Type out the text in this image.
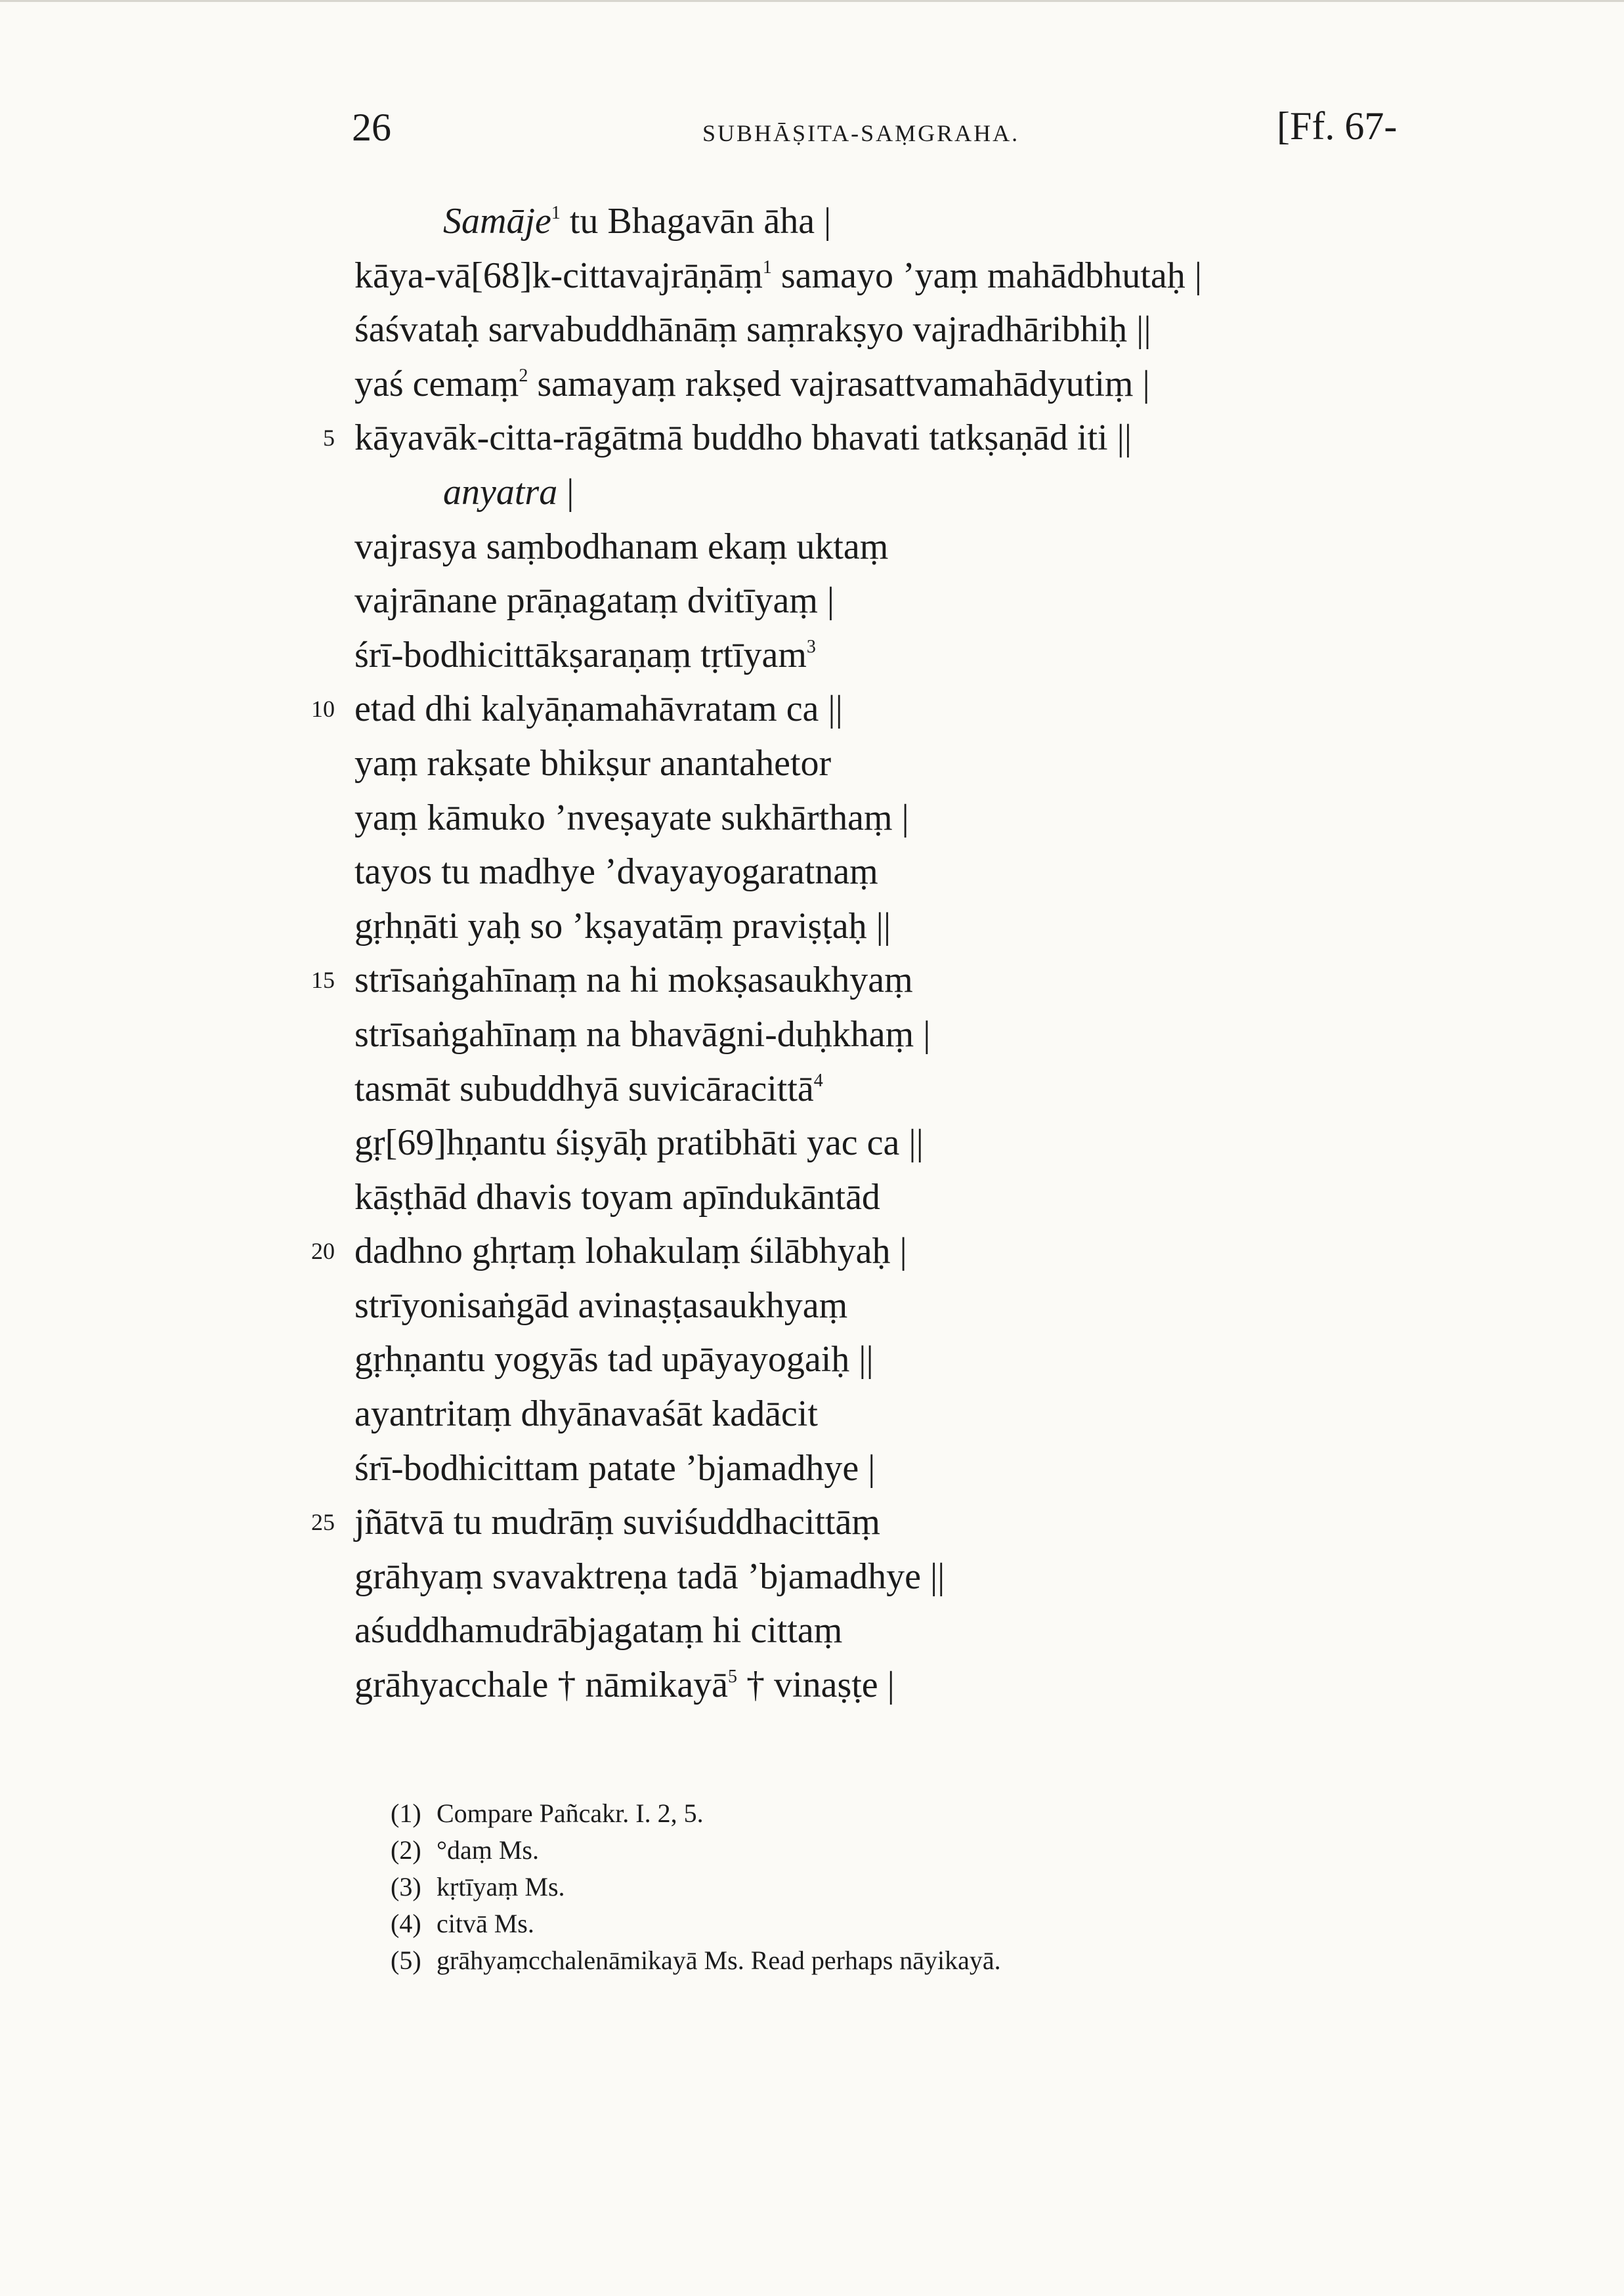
26	SUBHĀṢITA-SAṂGRAHA.	[Ff. 67-
Samāje$^1$ tu Bhagavān āha |
kāya-vā[68]k-cittavajrāṇāṃ$^1$ samayo ’yaṃ mahādbhutaḥ |
śaśvataḥ sarvabuddhānāṃ saṃrakṣyo vajradhāribhiḥ ||
yaś cemaṃ$^2$ samayaṃ rakṣed vajrasattvamahādyutiṃ |
5 kāyavāk-citta-rāgātmā buddho bhavati tatkṣaṇād iti ||
anyatra |
vajrasya saṃbodhanam ekaṃ uktaṃ
vajrānane prāṇagataṃ dvitīyaṃ |
śrī-bodhicittākṣaraṇaṃ tṛtīyam$^3$
10 etad dhi kalyāṇamahāvratam ca ||
yaṃ rakṣate bhikṣur anantahetor
yaṃ kāmuko ’nveṣayate sukhārthaṃ |
tayos tu madhye ’dvayayogaratnaṃ
gṛhṇāti yaḥ so ’kṣayatāṃ praviṣṭaḥ ||
15 strīsaṅgahīnaṃ na hi mokṣasaukhyaṃ
strīsaṅgahīnaṃ na bhavāgni-duḥkhaṃ |
tasmāt subuddhyā suvicāracittā$^4$
gṛ[69]hṇantu śiṣyāḥ pratibhāti yac ca ||
kāṣṭhād dhavis toyam apīndukāntād
20 dadhno ghṛtaṃ lohakulaṃ śilābhyaḥ |
strīyonisaṅgād avinaṣṭasaukhyaṃ
gṛhṇantu yogyās tad upāyayogaiḥ ||
ayantritaṃ dhyānavaśāt kadācit
śrī-bodhicittam patate ’bjamadhye |
25 jñātvā tu mudrāṃ suviśuddhacittāṃ
grāhyaṃ svavaktreṇa tadā ’bjamadhye ||
aśuddhamudrābjagataṃ hi cittaṃ
grāhyacchale † nāmikayā$^5$ † vinaṣṭe |
(1) Compare Pañcakr. I. 2, 5.
(2) °daṃ Ms.
(3) kṛtīyaṃ Ms.
(4) citvā Ms.
(5) grāhyaṃcchalenāmikayā Ms. Read perhaps nāyikayā.
